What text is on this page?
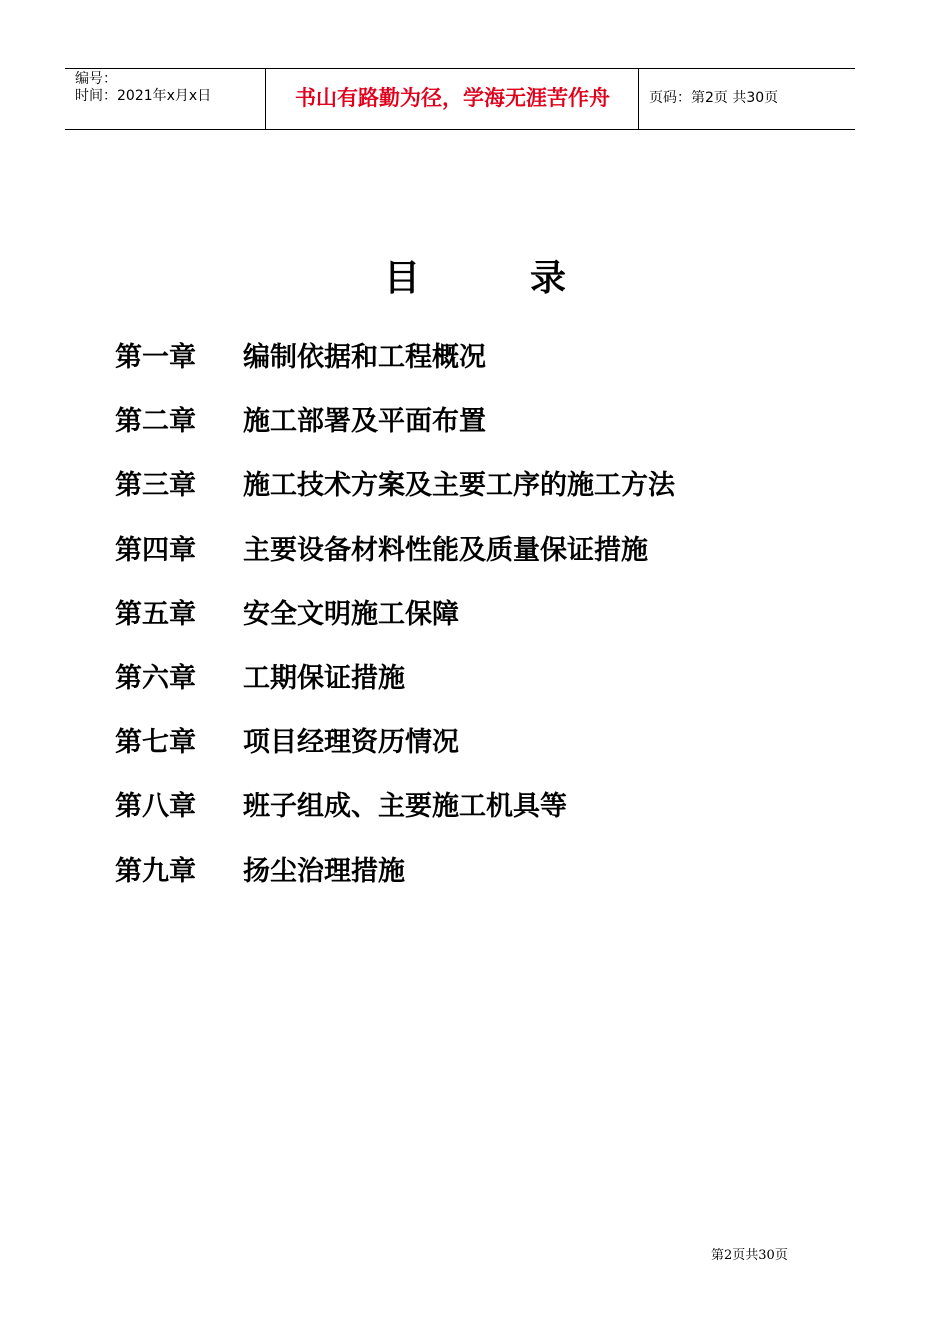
编号：
时间：2021年x月x日	书山有路勤为径，学海无涯苦作舟	页码：第2页 共30页
目	录
第一章	编制依据和工程概况
第二章	施工部署及平面布置
第三章	施工技术方案及主要工序的施工方法
第四章	主要设备材料性能及质量保证措施
第五章	安全文明施工保障
第六章	工期保证措施
第七章	项目经理资历情况
第八章	班子组成、主要施工机具等
第九章	扬尘治理措施
第2页共30页
